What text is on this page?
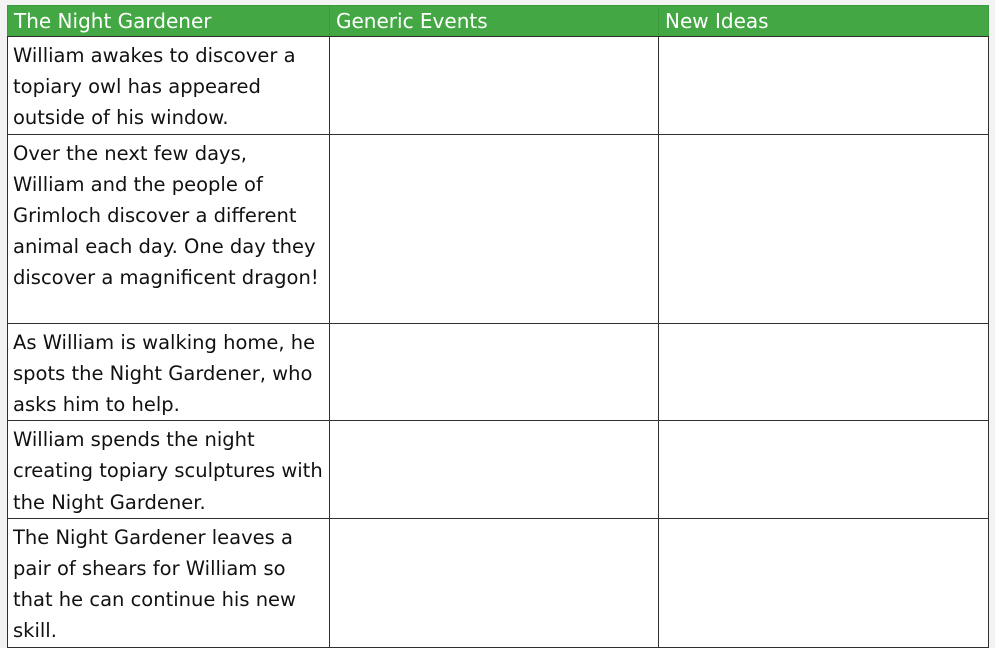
The Night Gardener	Generic Events	New Ideas

William awakes to discover a topiary owl has appeared outside of his window.		

Over the next few days, William and the people of Grimloch discover a different animal each day. One day they discover a magnificent dragon!		

As William is walking home, he spots the Night Gardener, who asks him to help.		

William spends the night creating topiary sculptures with the Night Gardener.		

The Night Gardener leaves a pair of shears for William so that he can continue his new skill.		
